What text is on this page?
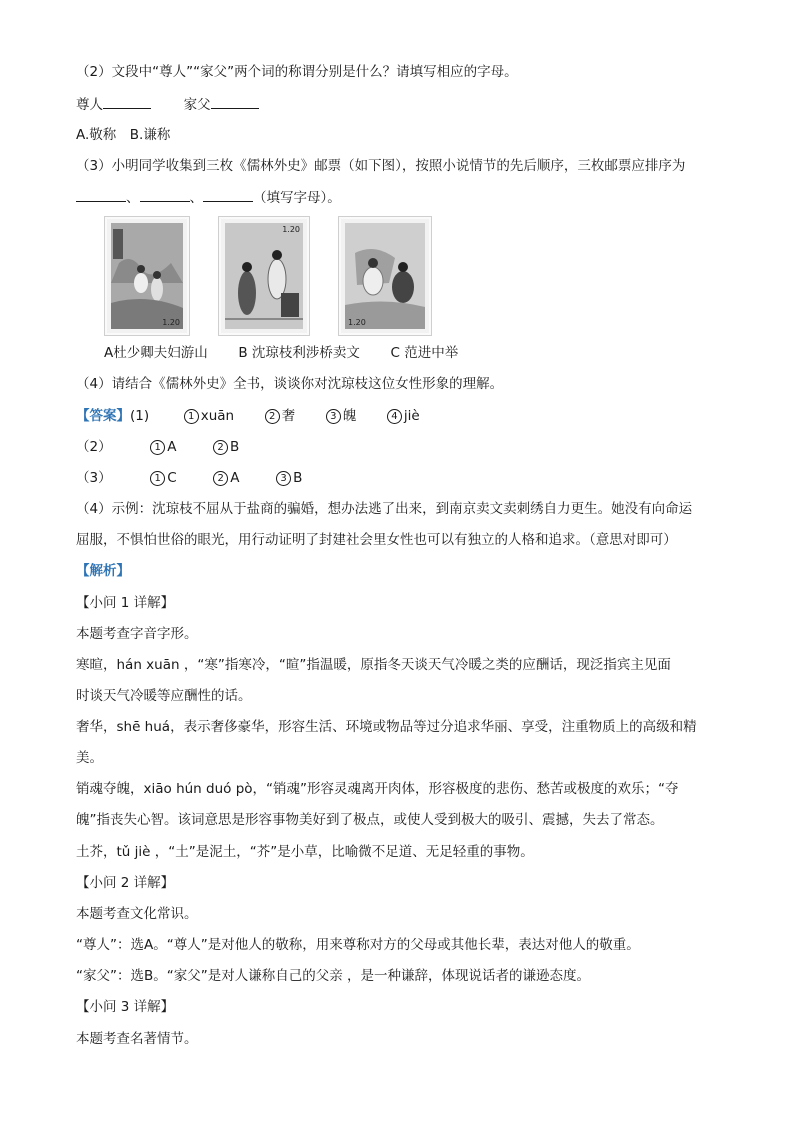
（2）文段中“尊人”“家父”两个词的称谓分别是什么？请填写相应的字母。
尊人	家父
A.敬称　B.谦称
（3）小明同学收集到三枚《儒林外史》邮票（如下图），按照小说情节的先后顺序，三枚邮票应排序为
、	、	（填写字母）。
1.20
1.20
1.20
A杜少卿夫妇游山 B 沈琼枝利涉桥卖文 C 范进中举
（4）请结合《儒林外史》全书，谈谈你对沈琼枝这位女性形象的理解。
【答案】(1)	1 xuān	2 奢	3 魄	4 jiè
（2）	1 A	2 B
（3）	1 C	2 A	3 B
（4）示例：沈琼枝不屈从于盐商的骗婚，想办法逃了出来，到南京卖文卖刺绣自力更生。她没有向命运
屈服，不惧怕世俗的眼光，用行动证明了封建社会里女性也可以有独立的人格和追求。（意思对即可）
【解析】
【小问 1 详解】
本题考查字音字形。
寒暄，hán xuān ，“寒”指寒冷，“暄”指温暖，原指冬天谈天气冷暖之类的应酬话，现泛指宾主见面
时谈天气冷暖等应酬性的话。
奢华，shē huá，表示奢侈豪华，形容生活、环境或物品等过分追求华丽、享受，注重物质上的高级和精
美。
销魂夺魄，xiāo hún duó pò，“销魂”形容灵魂离开肉体，形容极度的悲伤、愁苦或极度的欢乐；“夺
魄”指丧失心智。该词意思是形容事物美好到了极点，或使人受到极大的吸引、震撼，失去了常态。
土芥，tǔ jiè ，“土”是泥土，“芥”是小草，比喻微不足道、无足轻重的事物。
【小问 2 详解】
本题考查文化常识。
“尊人”：选A。“尊人”是对他人的敬称，用来尊称对方的父母或其他长辈，表达对他人的敬重。
“家父”：选B。“家父”是对人谦称自己的父亲 ，是一种谦辞，体现说话者的谦逊态度。
【小问 3 详解】
本题考查名著情节。
